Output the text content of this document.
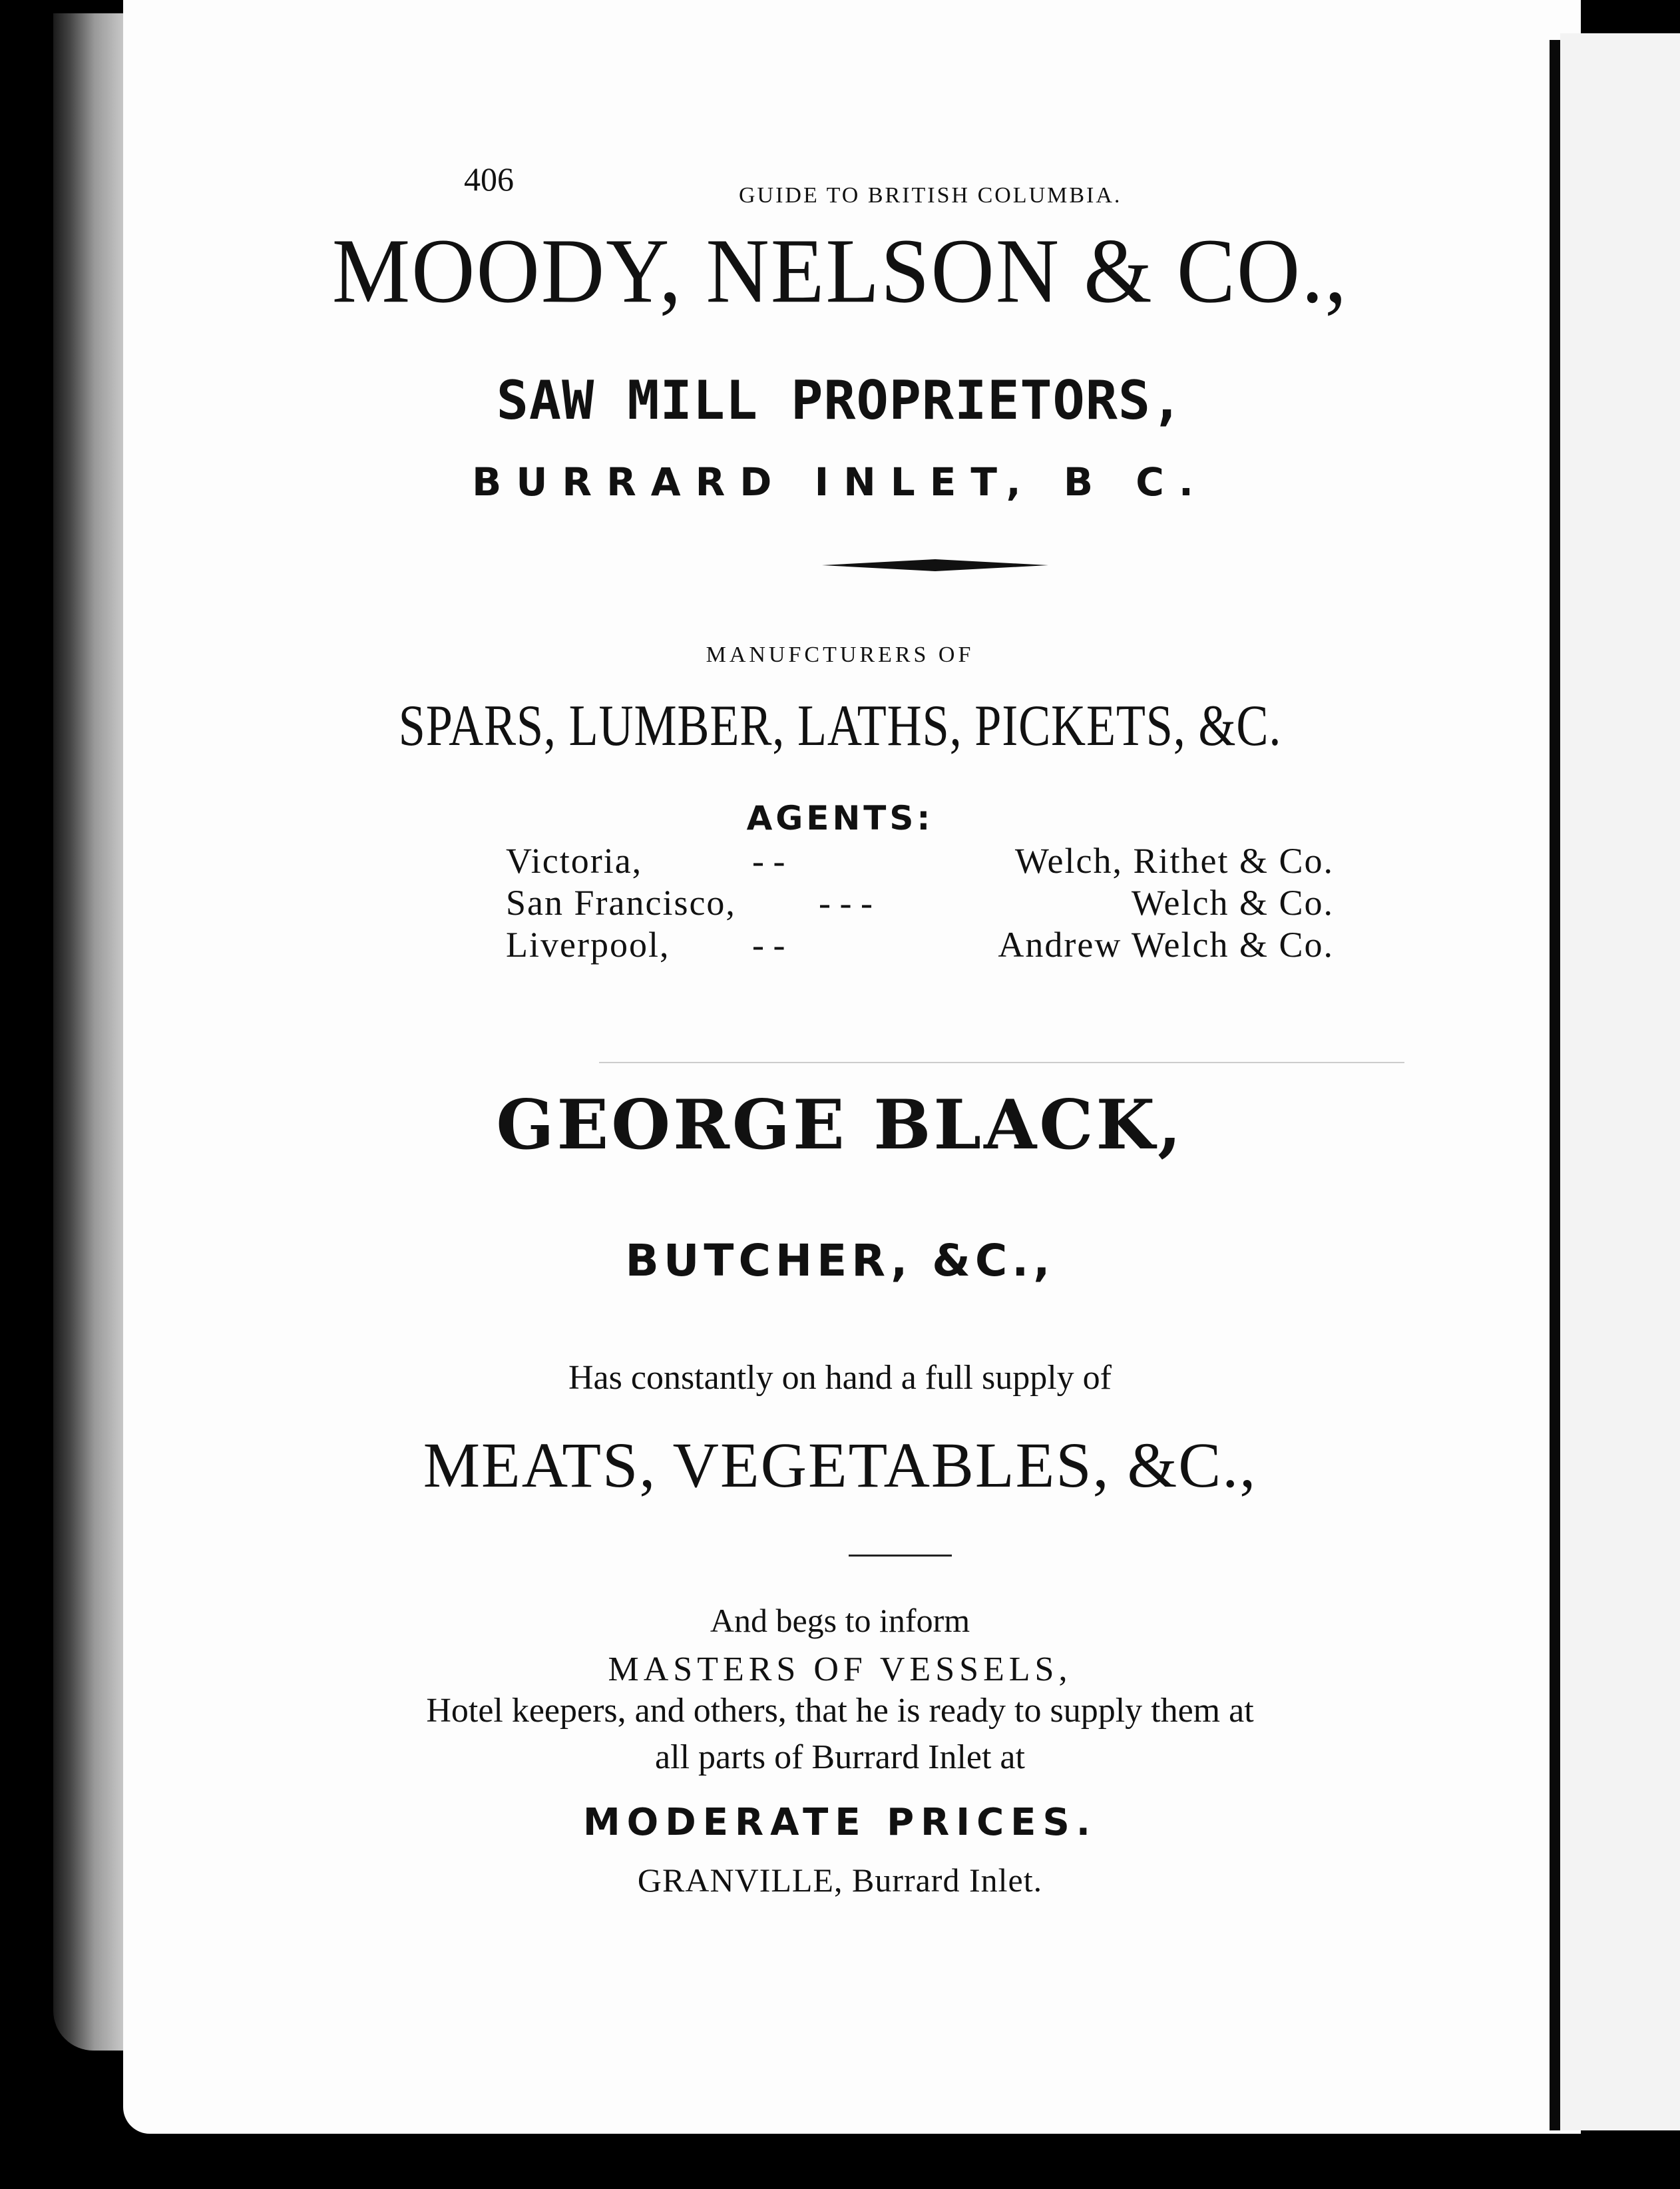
406	GUIDE TO BRITISH COLUMBIA.
MOODY, NELSON & CO.,
SAW MILL PROPRIETORS,
BURRARD INLET, B C.
MANUFCTURERS OF
SPARS, LUMBER, LATHS, PICKETS, &C.
AGENTS:
Victoria,	- -	Welch, Rithet & Co.
San Francisco, - - -	Welch & Co.
Liverpool, - -	Andrew Welch & Co.
GEORGE BLACK,
BUTCHER, &C.,
Has constantly on hand a full supply of
MEATS, VEGETABLES, &C.,
And begs to inform
MASTERS OF VESSELS,
Hotel keepers, and others, that he is ready to supply them at
all parts of Burrard Inlet at
MODERATE PRICES.
GRANVILLE, Burrard Inlet.
